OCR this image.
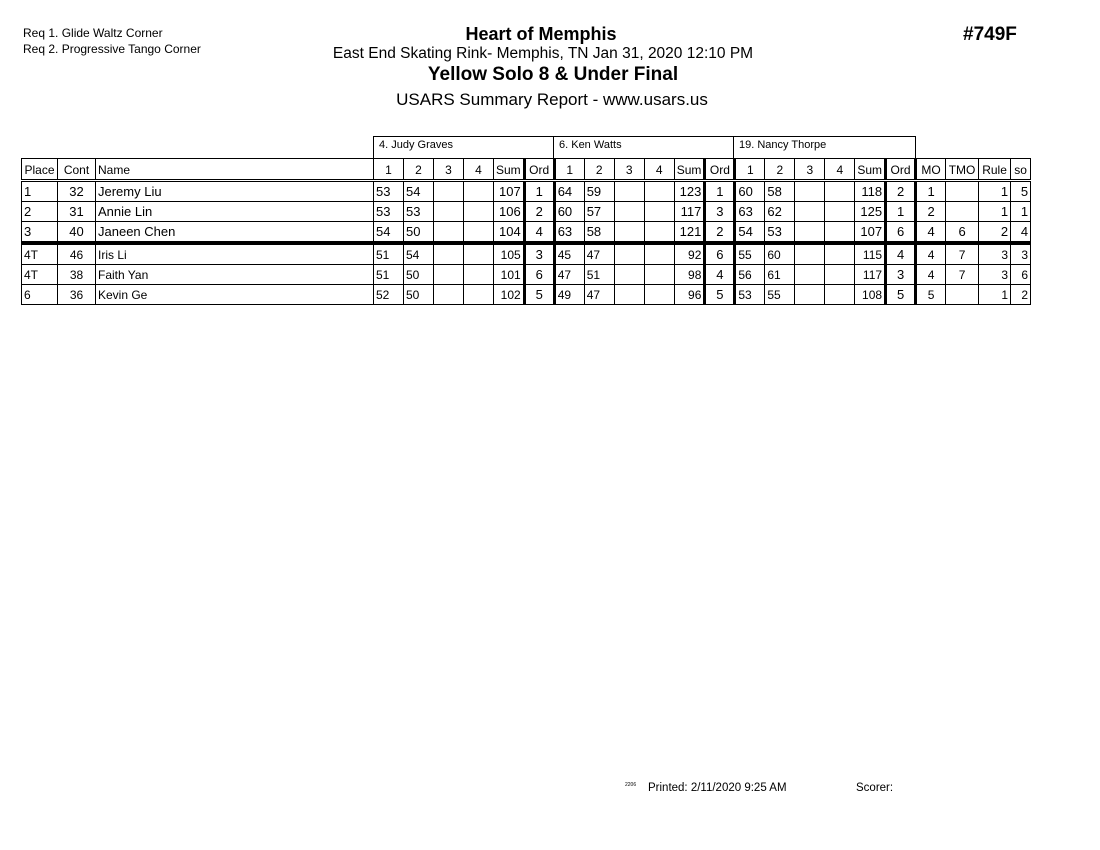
Req 1. Glide Waltz Corner
Req 2. Progressive Tango Corner
Heart of Memphis
East End Skating Rink- Memphis, TN Jan 31, 2020 12:10 PM
Yellow Solo 8 & Under Final
USARS Summary Report - www.usars.us
#749F
4. Judy Graves	6. Ken Watts	19. Nancy Thorpe
Place	Cont	Name	1	2	3	4	Sum	Ord	1	2	3	4	Sum	Ord	1	2	3	4	Sum	Ord	MO	TMO	Rule	so
1	32	Jeremy Liu	53	54			107	1	64	59			123	1	60	58			118	2	1		1	5
2	31	Annie Lin	53	53			106	2	60	57			117	3	63	62			125	1	2		1	1
3	40	Janeen Chen	54	50			104	4	63	58			121	2	54	53			107	6	4	6	2	4
4T	46	Iris Li	51	54			105	3	45	47			92	6	55	60			115	4	4	7	3	3
4T	38	Faith Yan	51	50			101	6	47	51			98	4	56	61			117	3	4	7	3	6
6	36	Kevin Ge	52	50			102	5	49	47			96	5	53	55			108	5	5		1	2
2206 Printed: 2/11/2020 9:25 AM	Scorer:
